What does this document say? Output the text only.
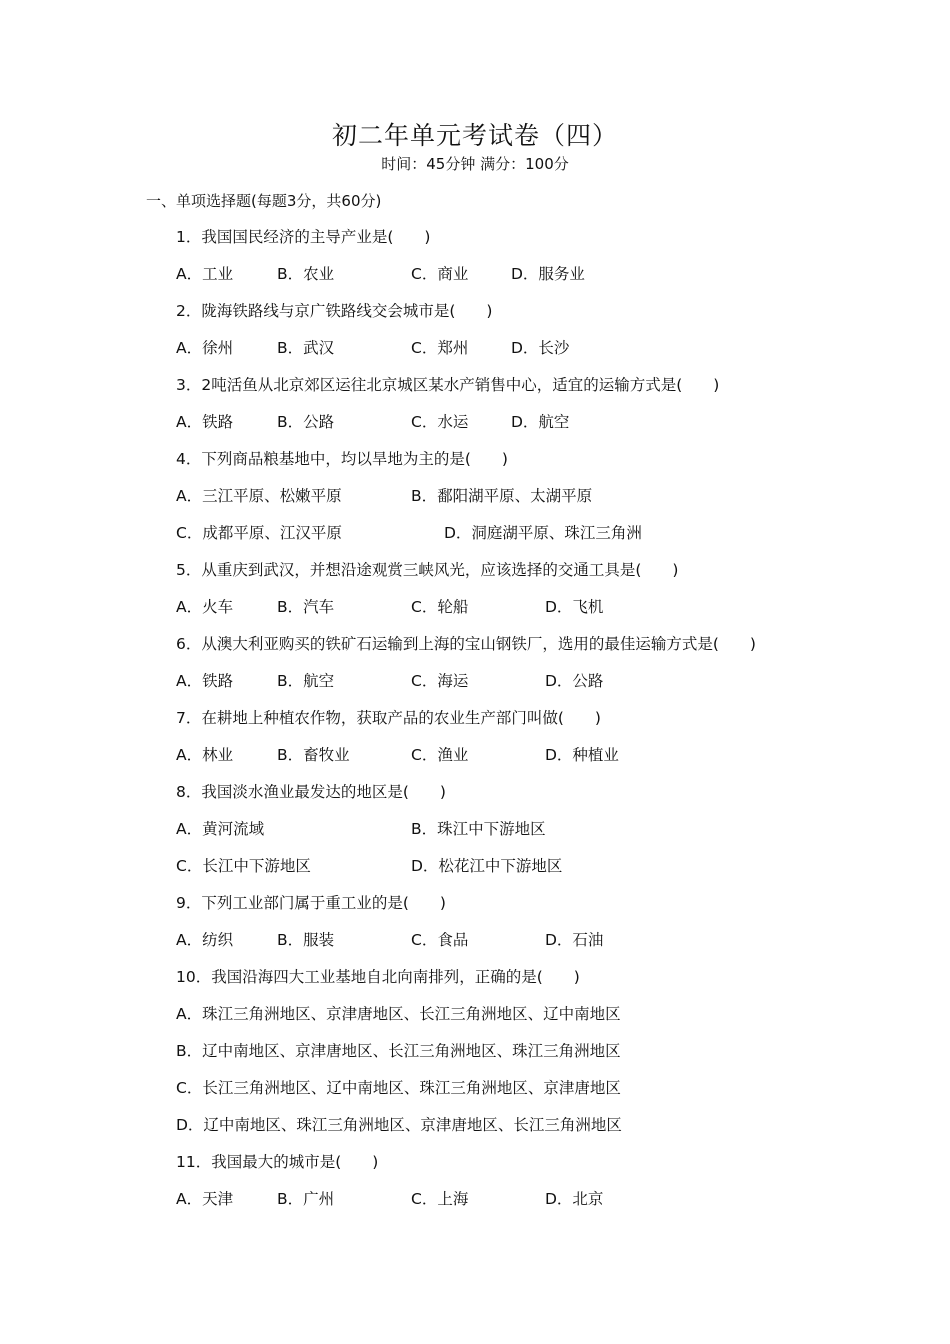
初二年单元考试卷（四）
时间：45分钟 满分：100分
一、单项选择题(每题3分，共60分)
1．我国国民经济的主导产业是(　　)
A．工业	B．农业	C．商业	D．服务业
2．陇海铁路线与京广铁路线交会城市是(　　)
A．徐州	B．武汉	C．郑州	D．长沙
3．2吨活鱼从北京郊区运往北京城区某水产销售中心，适宜的运输方式是(　　)
A．铁路	B．公路	C．水运	D．航空
4．下列商品粮基地中，均以旱地为主的是(　　)
A．三江平原、松嫩平原	B．鄱阳湖平原、太湖平原
C．成都平原、江汉平原	D．洞庭湖平原、珠江三角洲
5．从重庆到武汉，并想沿途观赏三峡风光，应该选择的交通工具是(　　)
A．火车	B．汽车	C．轮船	D．飞机
6．从澳大利亚购买的铁矿石运输到上海的宝山钢铁厂，选用的最佳运输方式是(　　)
A．铁路	B．航空	C．海运	D．公路
7．在耕地上种植农作物，获取产品的农业生产部门叫做(　　)
A．林业	B．畜牧业	C．渔业	D．种植业
8．我国淡水渔业最发达的地区是(　　)
A．黄河流域	B．珠江中下游地区
C．长江中下游地区	D．松花江中下游地区
9．下列工业部门属于重工业的是(　　)
A．纺织	B．服装	C．食品	D．石油
10．我国沿海四大工业基地自北向南排列，正确的是(　　)
A．珠江三角洲地区、京津唐地区、长江三角洲地区、辽中南地区
B．辽中南地区、京津唐地区、长江三角洲地区、珠江三角洲地区
C．长江三角洲地区、辽中南地区、珠江三角洲地区、京津唐地区
D．辽中南地区、珠江三角洲地区、京津唐地区、长江三角洲地区
11．我国最大的城市是(　　)
A．天津	B．广州	C．上海	D．北京
